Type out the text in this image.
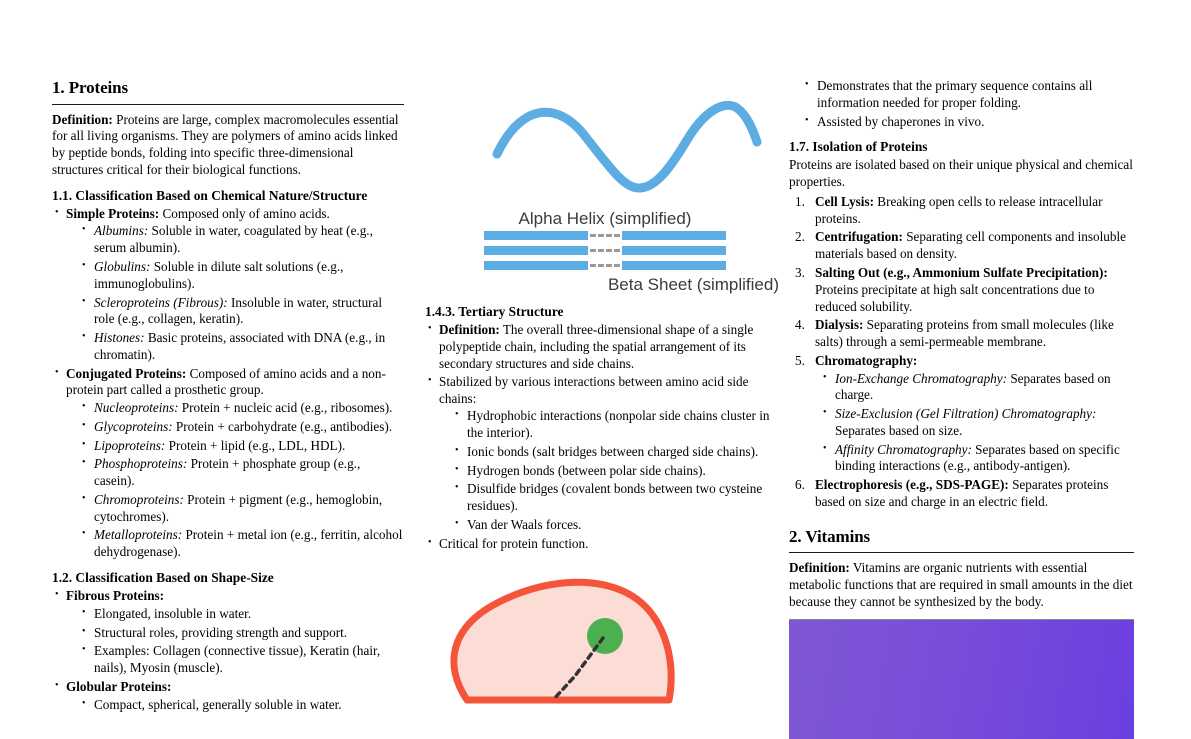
1. Proteins

Definition: Proteins are large, complex macromolecules essential for all living organisms. They are polymers of amino acids linked by peptide bonds, folding into specific three-dimensional structures critical for their biological functions.

1.1. Classification Based on Chemical Nature/Structure
• Simple Proteins: Composed only of amino acids.
• Albumins: Soluble in water, coagulated by heat (e.g., serum albumin).
• Globulins: Soluble in dilute salt solutions (e.g., immunoglobulins).
• Scleroproteins (Fibrous): Insoluble in water, structural role (e.g., collagen, keratin).
• Histones: Basic proteins, associated with DNA (e.g., in chromatin).
• Conjugated Proteins: Composed of amino acids and a non-protein part called a prosthetic group.
• Nucleoproteins: Protein + nucleic acid (e.g., ribosomes).
• Glycoproteins: Protein + carbohydrate (e.g., antibodies).
• Lipoproteins: Protein + lipid (e.g., LDL, HDL).
• Phosphoproteins: Protein + phosphate group (e.g., casein).
• Chromoproteins: Protein + pigment (e.g., hemoglobin, cytochromes).
• Metalloproteins: Protein + metal ion (e.g., ferritin, alcohol dehydrogenase).
1.2. Classification Based on Shape-Size
• Fibrous Proteins:
• Elongated, insoluble in water.
• Structural roles, providing strength and support.
• Examples: Collagen (connective tissue), Keratin (hair, nails), Myosin (muscle).
• Globular Proteins:
• Compact, spherical, generally soluble in water.
Alpha Helix (simplified)
Beta Sheet (simplified)
1.4.3. Tertiary Structure
• Definition: The overall three-dimensional shape of a single polypeptide chain, including the spatial arrangement of its secondary structures and side chains.
• Stabilized by various interactions between amino acid side chains:
• Hydrophobic interactions (nonpolar side chains cluster in the interior).
• Ionic bonds (salt bridges between charged side chains).
• Hydrogen bonds (between polar side chains).
• Disulfide bridges (covalent bonds between two cysteine residues).
• Van der Waals forces.
• Critical for protein function.
• Demonstrates that the primary sequence contains all information needed for proper folding.
• Assisted by chaperones in vivo.
1.7. Isolation of Proteins

Proteins are isolated based on their unique physical and chemical properties.

Cell Lysis: Breaking open cells to release intracellular proteins.
Centrifugation: Separating cell components and insoluble materials based on density.
Salting Out (e.g., Ammonium Sulfate Precipitation): Proteins precipitate at high salt concentrations due to reduced solubility.
Dialysis: Separating proteins from small molecules (like salts) through a semi-permeable membrane.
Chromatography:
• Ion-Exchange Chromatography: Separates based on charge.
• Size-Exclusion (Gel Filtration) Chromatography: Separates based on size.
• Affinity Chromatography: Separates based on specific binding interactions (e.g., antibody-antigen).
Electrophoresis (e.g., SDS-PAGE): Separates proteins based on size and charge in an electric field.
2. Vitamins

Definition: Vitamins are organic nutrients with essential metabolic functions that are required in small amounts in the diet because they cannot be synthesized by the body.
